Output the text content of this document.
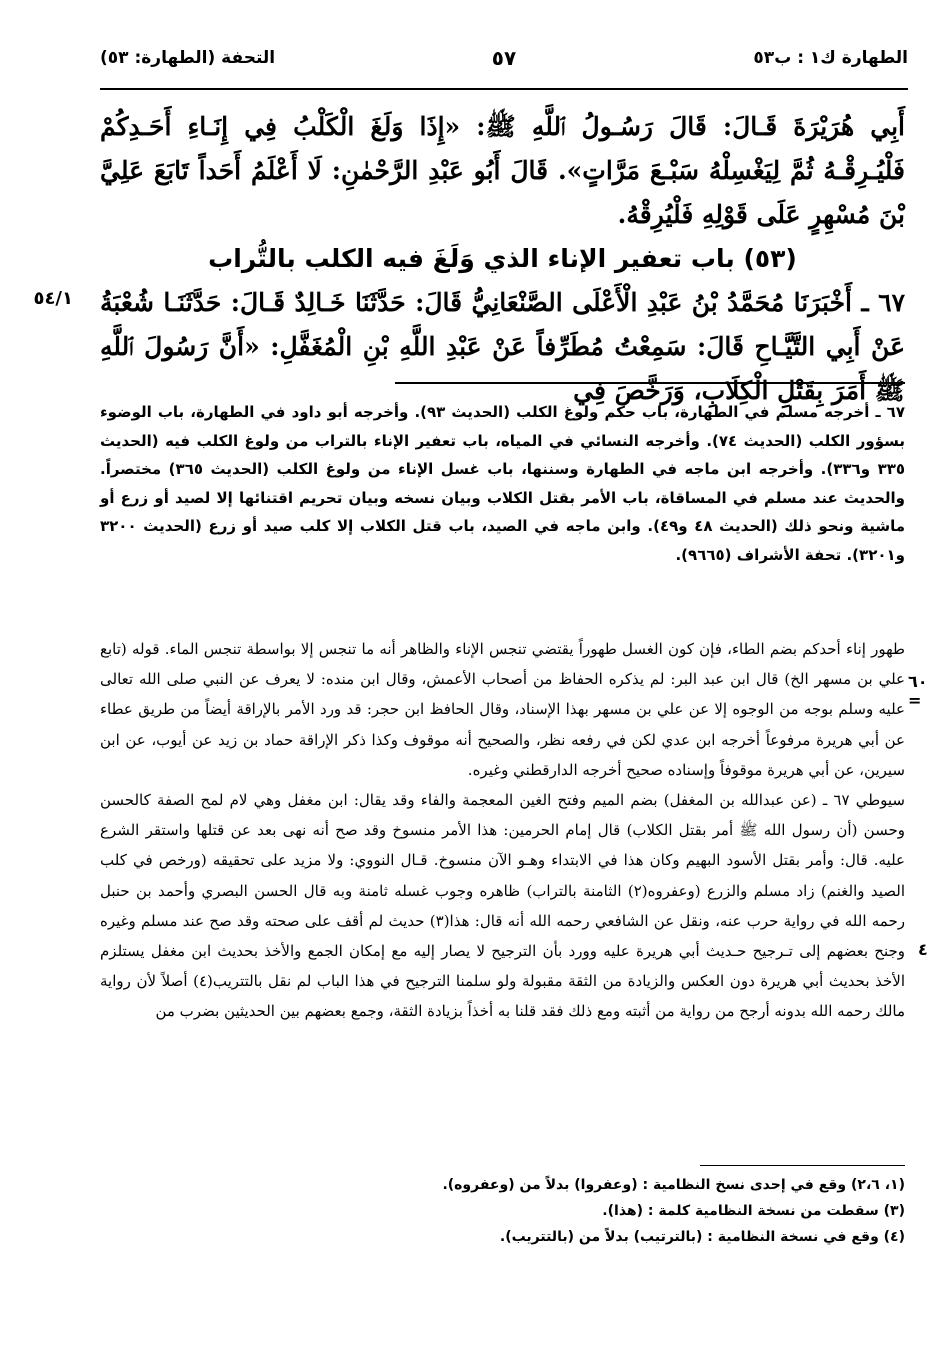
الطهارة ك١ : ب٥٣
٥٧
التحفة (الطهارة: ٥٣)

أَبِي هُرَيْرَةَ قَـالَ: قَالَ رَسُـولُ ٱللَّهِ ﷺ: «إِذَا وَلَغَ الْكَلْبُ فِي إِنَـاءِ أَحَـدِكُمْ فَلْيُـرِقْـهُ ثُمَّ لِيَغْسِلْهُ سَبْـعَ مَرَّاتٍ». قَالَ أَبُو عَبْدِ الرَّحْمٰنِ: لَا أَعْلَمُ أَحَداً تَابَعَ عَلِيَّ بْنَ مُسْهِرٍ عَلَى قَوْلِهِ فَلْيُرِقْهُ.

(٥٣) باب تعفير الإناء الذي وَلَغَ فيه الكلب بالتُّراب

٦٧ ـ أَخْبَرَنَا مُحَمَّدُ بْنُ عَبْدِ الْأَعْلَى الصَّنْعَانِيُّ قَالَ: حَدَّثَنَا خَـالِدٌ قَـالَ: حَدَّثَنَـا شُعْبَةُ عَنْ أَبِي التَّيَّـاحِ قَالَ: سَمِعْتُ مُطَرِّفاً عَنْ عَبْدِ اللَّهِ بْنِ الْمُغَفَّلِ: «أَنَّ رَسُولَ ٱللَّهِ ﷺ أَمَرَ بِقَتْلِ الْكِلَابِ، وَرَخَّصَ فِي

٥٤/١
٦٧ ـ أخرجه مسلم في الطهارة، باب حكم ولوغ الكلب (الحديث ٩٣). وأخرجه أبو داود في الطهارة، باب الوضوء بسؤور الكلب (الحديث ٧٤). وأخرجه النسائي في المياه، باب تعفير الإناء بالتراب من ولوغ الكلب فيه (الحديث ٣٣٥ و٣٣٦). وأخرجه ابن ماجه في الطهارة وسننها، باب غسل الإناء من ولوغ الكلب (الحديث ٣٦٥) مختصراً. والحديث عند مسلم في المساقاة، باب الأمر بقتل الكلاب وبيان نسخه وبيان تحريم اقتنائها إلا لصيد أو زرع أو ماشية ونحو ذلك (الحديث ٤٨ و٤٩). وابن ماجه في الصيد، باب قتل الكلاب إلا كلب صيد أو زرع (الحديث ٣٢٠٠ و٣٢٠١). تحفة الأشراف (٩٦٦٥).

طهور إناء أحدكم بضم الطاء، فإن كون الغسل طهوراً يقتضي تنجس الإناء والظاهر أنه ما تنجس إلا بواسطة تنجس الماء. قوله (تابع علي بن مسهر الخ) قال ابن عبد البر: لم يذكره الحفاظ من أصحاب الأعمش، وقال ابن منده: لا يعرف عن النبي صلى الله تعالى عليه وسلم بوجه من الوجوه إلا عن علي بن مسهر بهذا الإسناد، وقال الحافظ ابن حجر: قد ورد الأمر بالإراقة أيضاً من طريق عطاء عن أبي هريرة مرفوعاً أخرجه ابن عدي لكن في رفعه نظر، والصحيح أنه موقوف وكذا ذكر الإراقة حماد بن زيد عن أيوب، عن ابن سيرين، عن أبي هريرة موقوفاً وإسناده صحيح أخرجه الدارقطني وغيره.

سيوطي ٦٧ ـ (عن عبدالله بن المغفل) بضم الميم وفتح الغين المعجمة والفاء وقد يقال: ابن مغفل وهي لام لمح الصفة كالحسن وحسن (أن رسول الله ﷺ أمر بقتل الكلاب) قال إمام الحرمين: هذا الأمر منسوخ وقد صح أنه نهى بعد عن قتلها واستقر الشرع عليه. قال: وأمر بقتل الأسود البهيم وكان هذا في الابتداء وهـو الآن منسوخ. قـال النووي: ولا مزيد على تحقيقه (ورخص في كلب الصيد والغنم) زاد مسلم والزرع (وعفروه(٢) الثامنة بالتراب) ظاهره وجوب غسله ثامنة وبه قال الحسن البصري وأحمد بن حنبل رحمه الله في رواية حرب عنه، ونقل عن الشافعي رحمه الله أنه قال: هذا(٣) حديث لم أقف على صحته وقد صح عند مسلم وغيره وجنح بعضهم إلى تـرجيح حـديث أبي هريرة عليه وورد بأن الترجيح لا يصار إليه مع إمكان الجمع والأخذ بحديث ابن مغفل يستلزم الأخذ بحديث أبي هريرة دون العكس والزيادة من الثقة مقبولة ولو سلمنا الترجيح في هذا الباب لم نقل بالتتريب(٤) أصلاً لأن رواية مالك رحمه الله بدونه أرجح من رواية من أثبته ومع ذلك فقد قلنا به أخذاً بزيادة الثقة، وجمع بعضهم بين الحديثين بضرب من

٦٠ =
٤
(١، ٢،٦) وقع في إحدى نسخ النظامية : (وعفروا) بدلاً من (وعفروه).
(٣) سقطت من نسخة النظامية كلمة : (هذا).
(٤) وقع في نسخة النظامية : (بالترتيب) بدلاً من (بالتتريب).
